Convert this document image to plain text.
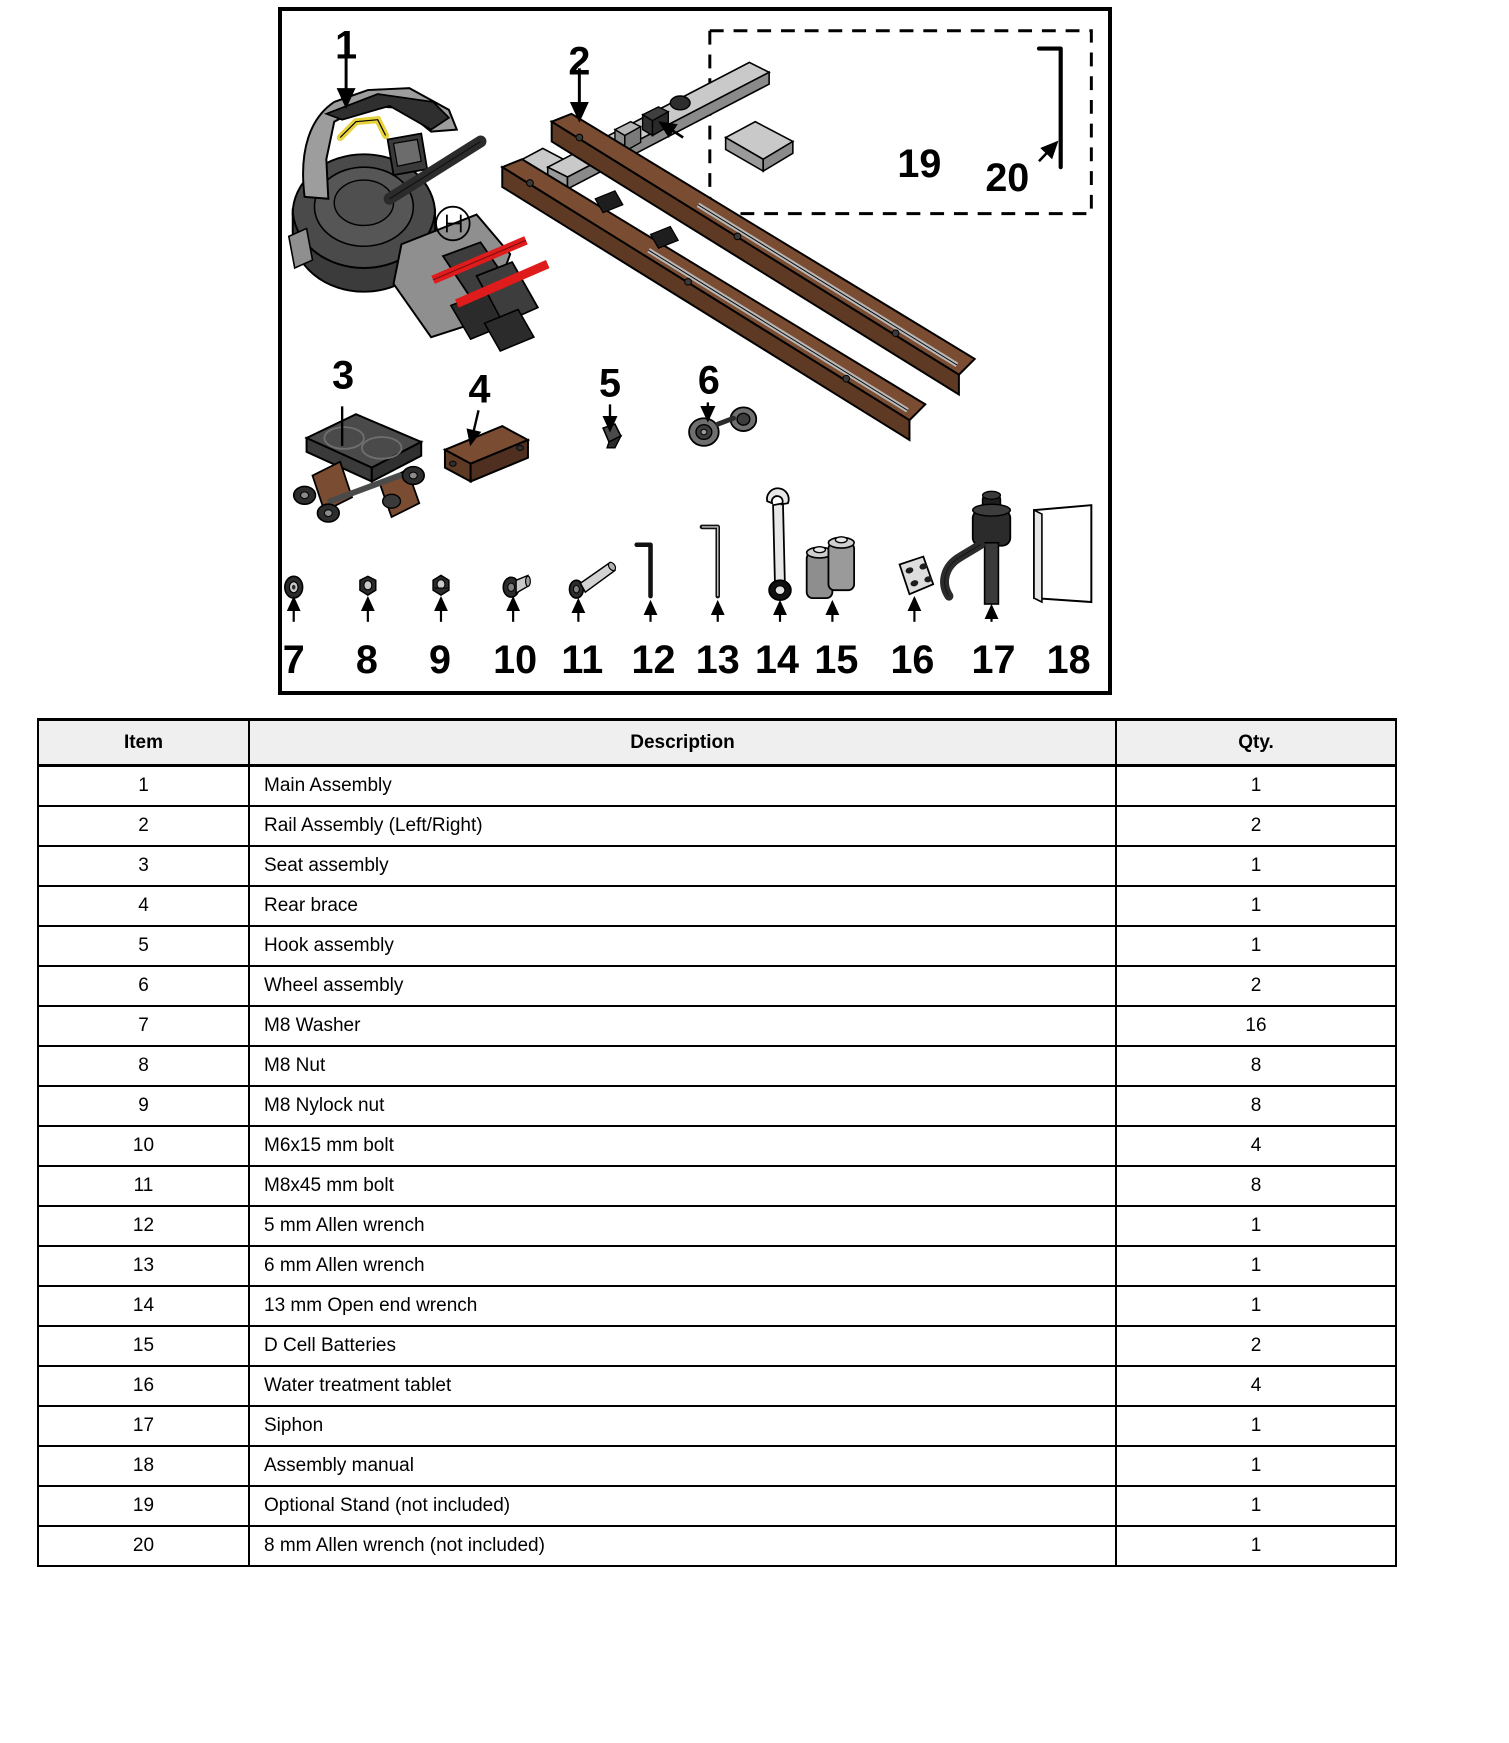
1	2
3	4	5 6
7 8 9 10 11 12 13 14 15 16 17 18
19 20
Item	Description	Qty.
1	Main Assembly	1
2	Rail Assembly (Left/Right)	2
3	Seat assembly	1
4	Rear brace	1
5	Hook assembly	1
6	Wheel assembly	2
7	M8 Washer	16
8	M8 Nut	8
9	M8 Nylock nut	8
10	M6x15 mm bolt	4
11	M8x45 mm bolt	8
12	5 mm Allen wrench	1
13	6 mm Allen wrench	1
14	13 mm Open end wrench	1
15	D Cell Batteries	2
16	Water treatment tablet	4
17	Siphon	1
18	Assembly manual	1
19	Optional Stand (not included)	1
20	8 mm Allen wrench (not included)	1
